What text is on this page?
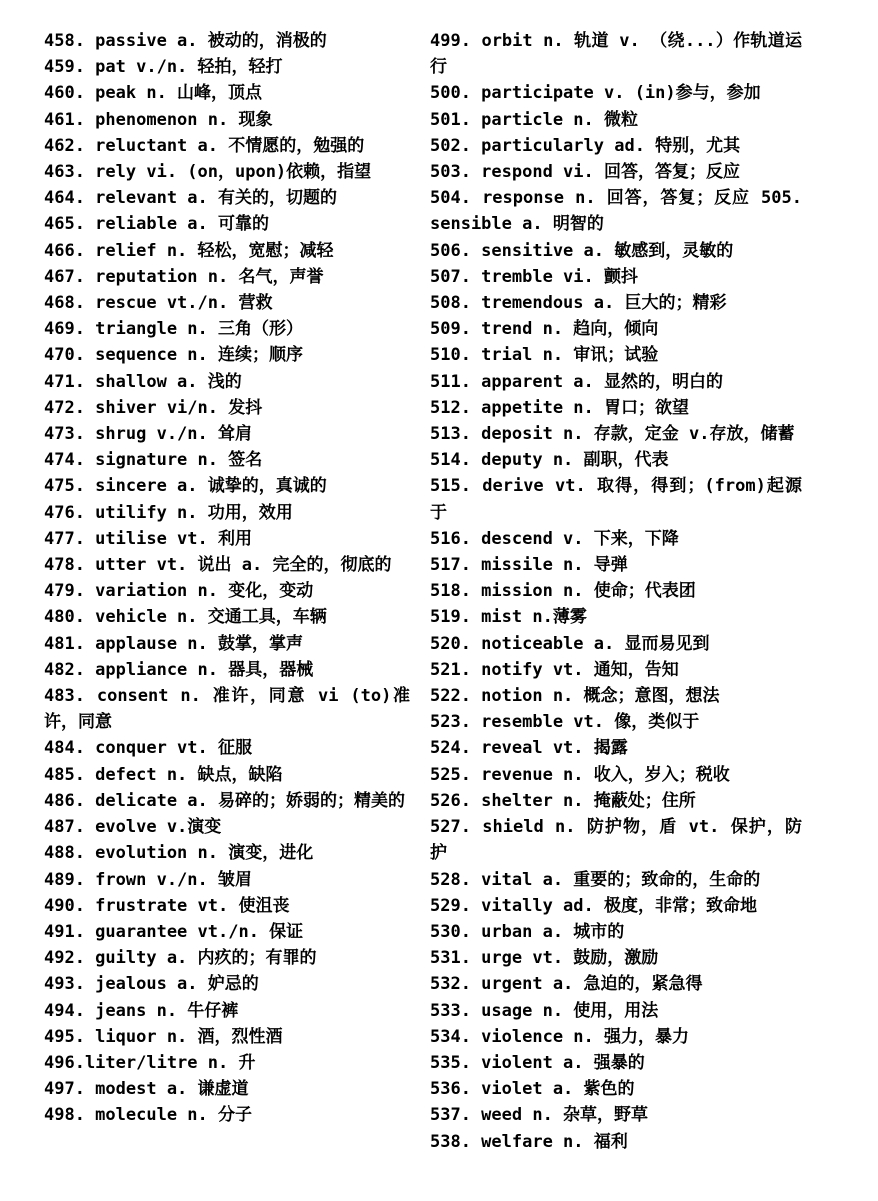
458. passive a. 被动的，消极的

459. pat v./n. 轻拍，轻打

460. peak n. 山峰，顶点

461. phenomenon n. 现象

462. reluctant a. 不情愿的，勉强的

463. rely vi. (on，upon)依赖，指望

464. relevant a. 有关的，切题的

465. reliable a. 可靠的

466. relief n. 轻松，宽慰；减轻

467. reputation n. 名气，声誉

468. rescue vt./n. 营救

469. triangle n. 三角（形）

470. sequence n. 连续；顺序

471. shallow a. 浅的

472. shiver vi/n. 发抖

473. shrug v./n. 耸肩

474. signature n. 签名

475. sincere a. 诚挚的，真诚的

476. utilify n. 功用，效用

477. utilise vt. 利用

478. utter vt. 说出 a. 完全的，彻底的

479. variation n. 变化，变动

480. vehicle n. 交通工具，车辆

481. applause n. 鼓掌，掌声

482. appliance n. 器具，器械

483. consent n. 准许，同意 vi (to)准许，同意

484. conquer vt. 征服

485. defect n. 缺点，缺陷

486. delicate a. 易碎的；娇弱的；精美的

487. evolve v.演变

488. evolution n. 演变，进化

489. frown v./n. 皱眉

490. frustrate vt. 使沮丧

491. guarantee vt./n. 保证

492. guilty a. 内疚的；有罪的

493. jealous a. 妒忌的

494. jeans n. 牛仔裤

495. liquor n. 酒，烈性酒

496.liter/litre n. 升

497. modest a. 谦虚道

498. molecule n. 分子

499. orbit n. 轨道 v. （绕...）作轨道运行

500. participate v. (in)参与，参加

501. particle n. 微粒

502. particularly ad. 特别，尤其

503. respond vi. 回答，答复；反应

504. response n. 回答，答复；反应 505. sensible a. 明智的

506. sensitive a. 敏感到，灵敏的

507. tremble vi. 颤抖

508. tremendous a. 巨大的；精彩

509. trend n. 趋向，倾向

510. trial n. 审讯；试验

511. apparent a. 显然的，明白的

512. appetite n. 胃口；欲望

513. deposit n. 存款，定金 v.存放，储蓄

514. deputy n. 副职，代表

515. derive vt. 取得，得到；(from)起源于

516. descend v. 下来，下降

517. missile n. 导弹

518. mission n. 使命；代表团

519. mist n.薄雾

520. noticeable a. 显而易见到

521. notify vt. 通知，告知

522. notion n. 概念；意图，想法

523. resemble vt. 像，类似于

524. reveal vt. 揭露

525. revenue n. 收入，岁入；税收

526. shelter n. 掩蔽处；住所

527. shield n. 防护物，盾 vt. 保护，防护

528. vital a. 重要的；致命的，生命的

529. vitally ad. 极度，非常；致命地

530. urban a. 城市的

531. urge vt. 鼓励，激励

532. urgent a. 急迫的，紧急得

533. usage n. 使用，用法

534. violence n. 强力，暴力

535. violent a. 强暴的

536. violet a. 紫色的

537. weed n. 杂草，野草

538. welfare n. 福利
